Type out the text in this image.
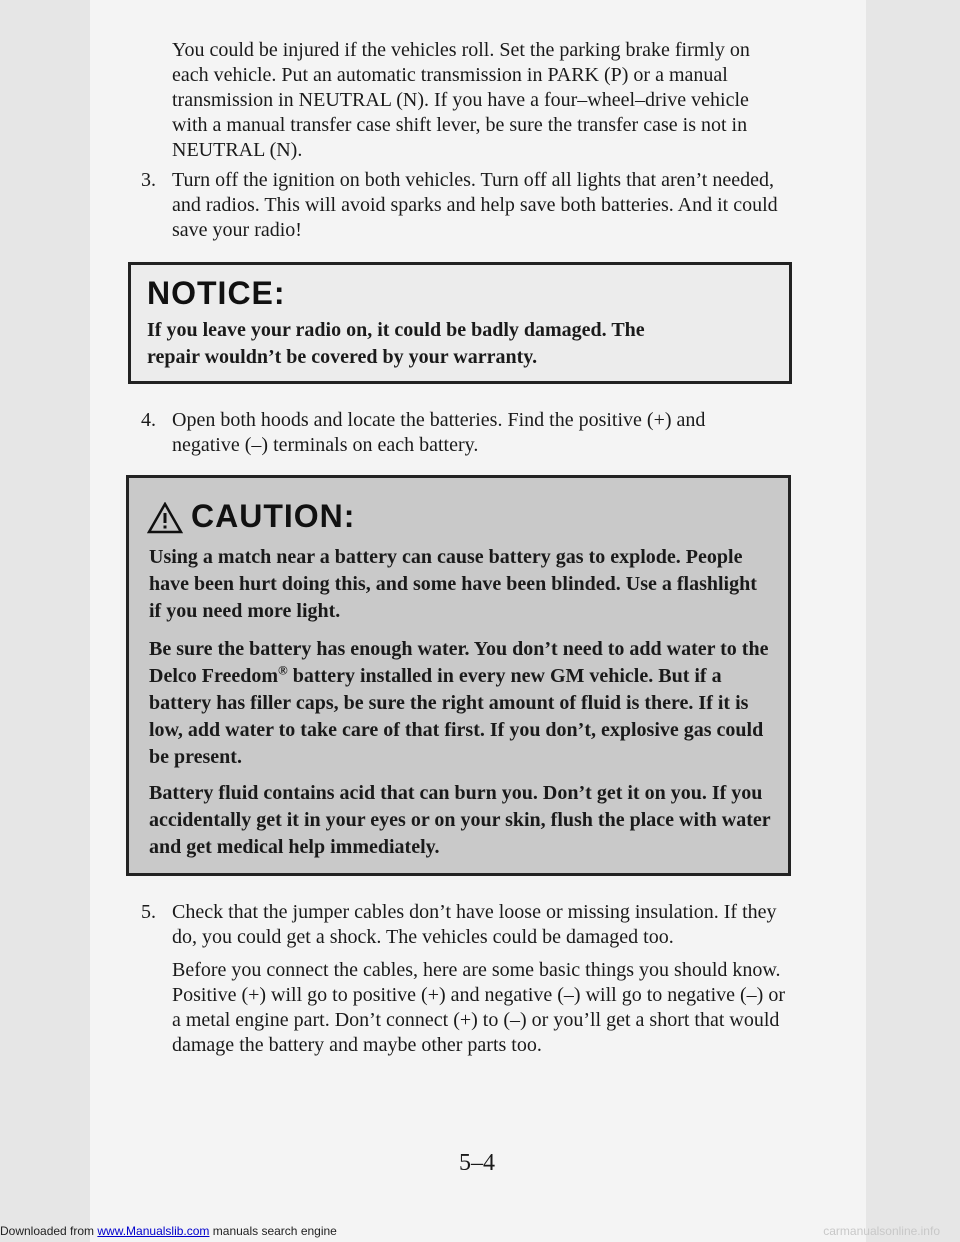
You could be injured if the vehicles roll. Set the parking brake firmly on each vehicle. Put an automatic transmission in PARK (P) or a manual transmission in NEUTRAL (N). If you have a four–wheel–drive vehicle with a manual transfer case shift lever, be sure the transfer case is not in NEUTRAL (N).

3. Turn off the ignition on both vehicles. Turn off all lights that aren’t needed, and radios. This will avoid sparks and help save both batteries. And it could save your radio!

NOTICE:

If you leave your radio on, it could be badly damaged. The repair wouldn’t be covered by your warranty.

4. Open both hoods and locate the batteries. Find the positive (+) and negative (–) terminals on each battery.

CAUTION:

Using a match near a battery can cause battery gas to explode. People have been hurt doing this, and some have been blinded. Use a flashlight if you need more light.

Be sure the battery has enough water. You don’t need to add water to the Delco Freedom® battery installed in every new GM vehicle. But if a battery has filler caps, be sure the right amount of fluid is there. If it is low, add water to take care of that first. If you don’t, explosive gas could be present.

Battery fluid contains acid that can burn you. Don’t get it on you. If you accidentally get it in your eyes or on your skin, flush the place with water and get medical help immediately.

5. Check that the jumper cables don’t have loose or missing insulation. If they do, you could get a shock. The vehicles could be damaged too.

Before you connect the cables, here are some basic things you should know. Positive (+) will go to positive (+) and negative (–) will go to negative (–) or a metal engine part. Don’t connect (+) to (–) or you’ll get a short that would damage the battery and maybe other parts too.

5–4
Downloaded from www.Manualslib.com manuals search engine	carmanualsonline.info
